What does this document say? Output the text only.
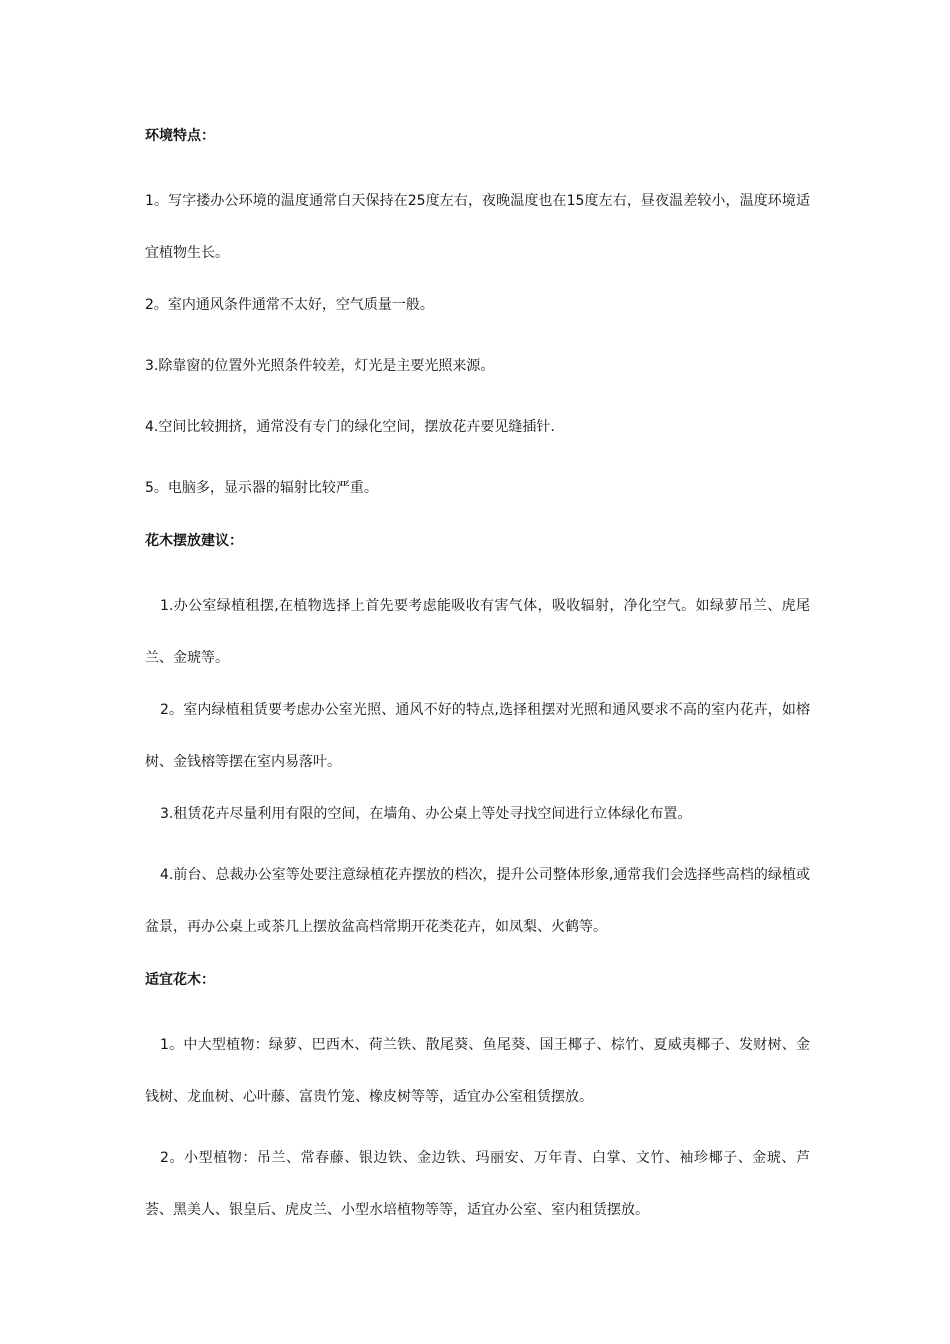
环境特点：

1。写字搂办公环境的温度通常白天保持在25度左右，夜晚温度也在15度左右，昼夜温差较小，温度环境适宜植物生长。

2。室内通风条件通常不太好，空气质量一般。

3.除靠窗的位置外光照条件较差，灯光是主要光照来源。

4.空间比较拥挤，通常没有专门的绿化空间，摆放花卉要见缝插针.

5。电脑多，显示器的辐射比较严重。

花木摆放建议：

1.办公室绿植租摆,在植物选择上首先要考虑能吸收有害气体，吸收辐射，净化空气。如绿萝吊兰、虎尾兰、金琥等。

2。室内绿植租赁要考虑办公室光照、通风不好的特点,选择租摆对光照和通风要求不高的室内花卉，如榕树、金钱榕等摆在室内易落叶。

3.租赁花卉尽量利用有限的空间，在墙角、办公桌上等处寻找空间进行立体绿化布置。

4.前台、总裁办公室等处要注意绿植花卉摆放的档次，提升公司整体形象,通常我们会选择些高档的绿植或盆景，再办公桌上或茶几上摆放盆高档常期开花类花卉，如凤梨、火鹤等。

适宜花木：

1。中大型植物：绿萝、巴西木、荷兰铁、散尾葵、鱼尾葵、国王椰子、棕竹、夏威夷椰子、发财树、金钱树、龙血树、心叶藤、富贵竹笼、橡皮树等等，适宜办公室租赁摆放。

2。小型植物：吊兰、常春藤、银边铁、金边铁、玛丽安、万年青、白掌、文竹、袖珍椰子、金琥、芦荟、黑美人、银皇后、虎皮兰、小型水培植物等等，适宜办公室、室内租赁摆放。
